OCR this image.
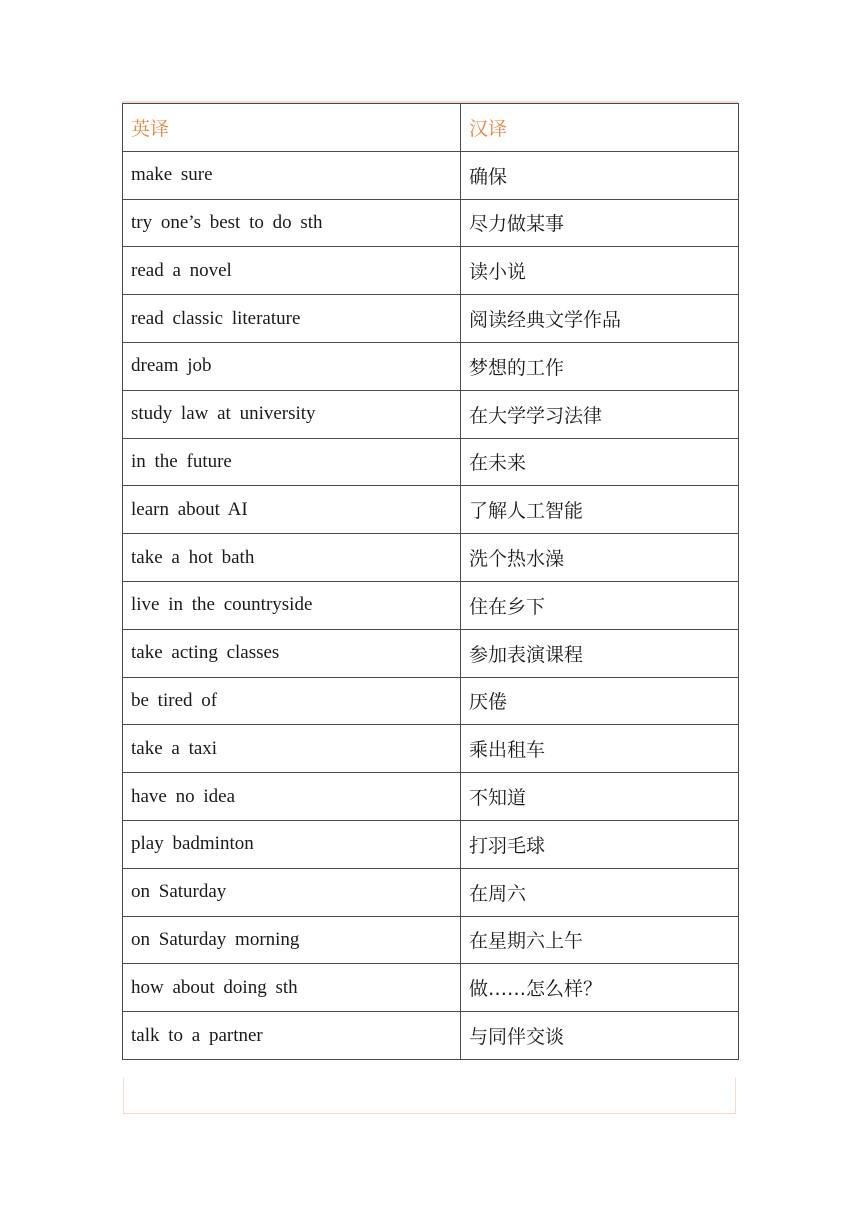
英译	汉译
make sure	确保
try one’s best to do sth	尽力做某事
read a novel	读小说
read classic literature	阅读经典文学作品
dream job	梦想的工作
study law at university	在大学学习法律
in the future	在未来
learn about AI	了解人工智能
take a hot bath	洗个热水澡
live in the countryside	住在乡下
take acting classes	参加表演课程
be tired of	厌倦
take a taxi	乘出租车
have no idea	不知道
play badminton	打羽毛球
on Saturday	在周六
on Saturday morning	在星期六上午
how about doing sth	做……怎么样？
talk to a partner	与同伴交谈
